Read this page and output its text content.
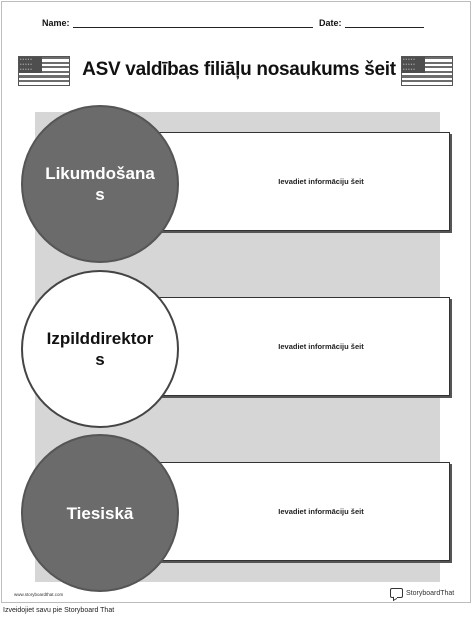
Name:	Date:
*****
*****
*****	ASV valdības filiāļu nosaukums šeit	*****
*****
*****
Ievadiet informāciju šeit
Likumdošanas
Ievadiet informāciju šeit
Izpilddirektors
Ievadiet informāciju šeit
Tiesiskā
www.storyboardthat.com	StoryboardThat
Izveidojiet savu pie Storyboard That
